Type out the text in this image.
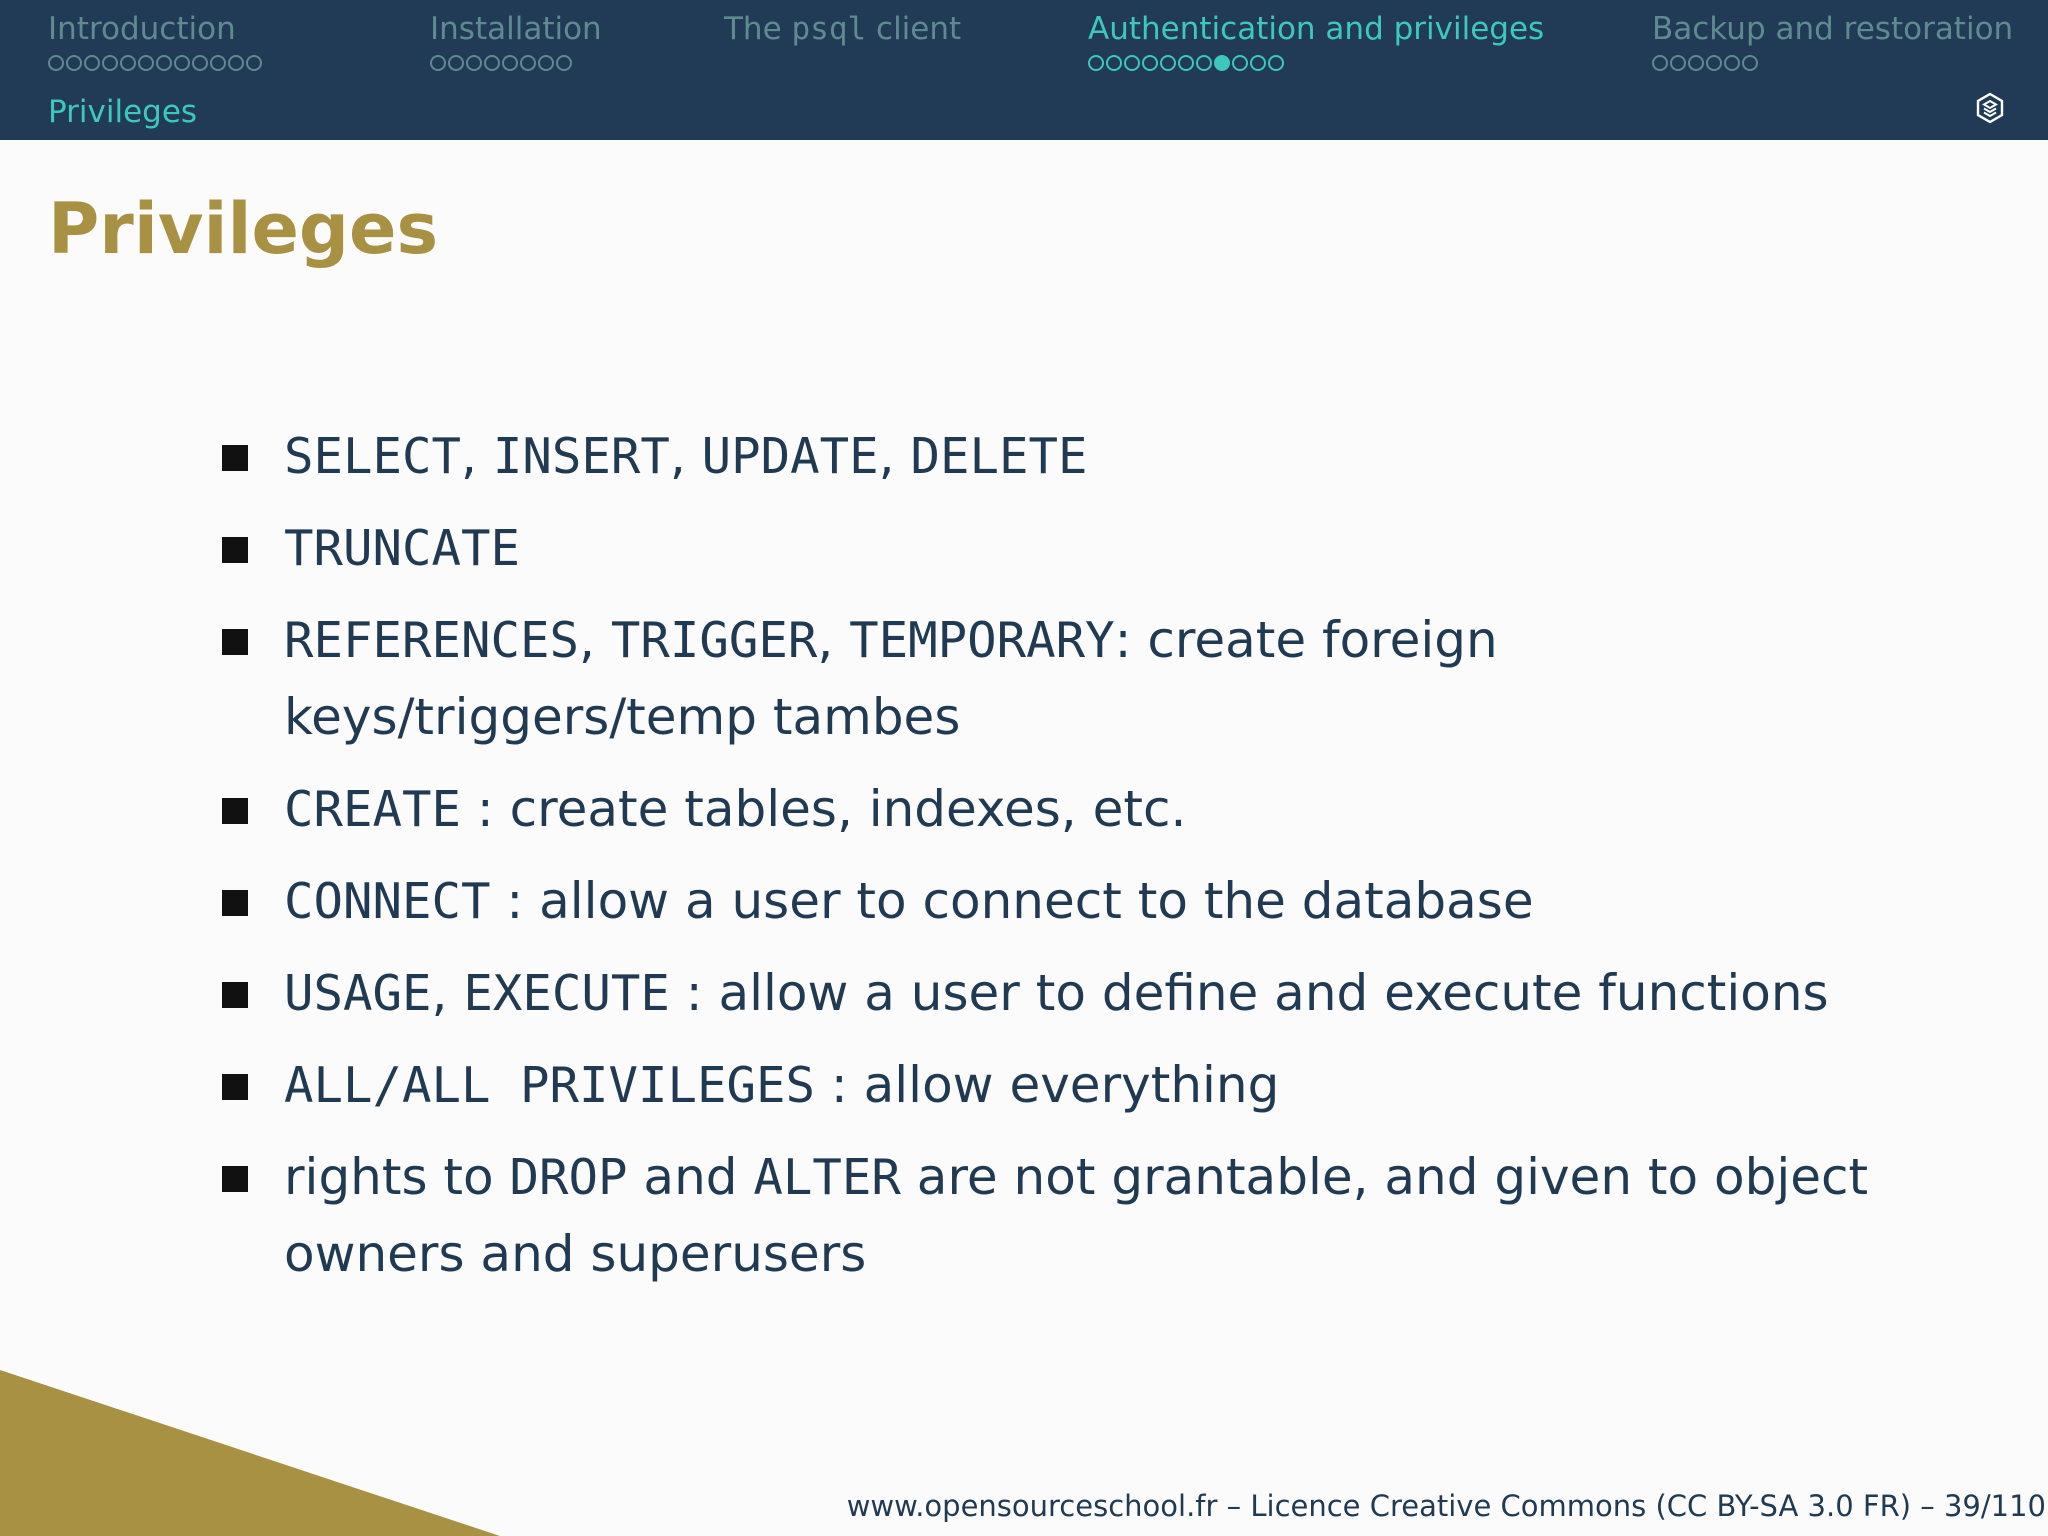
Introduction	Installation	The psql client	Authentication and privileges	Backup and restoration
Privileges
Privileges
SELECT, INSERT, UPDATE, DELETE
TRUNCATE
REFERENCES, TRIGGER, TEMPORARY: create foreign keys/triggers/temp tambes
CREATE : create tables, indexes, etc.
CONNECT : allow a user to connect to the database
USAGE, EXECUTE : allow a user to define and execute functions
ALL/ALL PRIVILEGES : allow everything
rights to DROP and ALTER are not grantable, and given to object owners and superusers
www.opensourceschool.fr – Licence Creative Commons (CC BY-SA 3.0 FR) – 39/110
